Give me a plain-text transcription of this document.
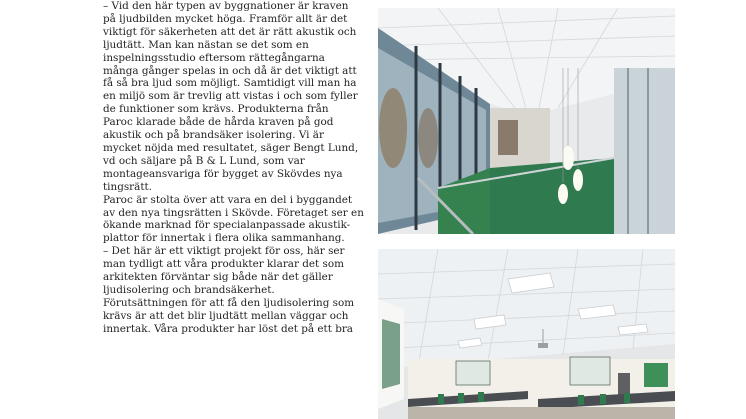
– Vid den här typen av byggnationer är kraven
på ljudbilden mycket höga. Framför allt är det
viktigt för säkerheten att det är rätt akustik och
ljudtätt. Man kan nästan se det som en
inspelningsstudio eftersom rättegångarna
många gånger spelas in och då är det viktigt att
få så bra ljud som möjligt. Samtidigt vill man ha
en miljö som är trevlig att vistas i och som fyller
de funktioner som krävs. Produkterna från
Paroc klarade både de hårda kraven på god
akustik och på brandsäker isolering. Vi är
mycket nöjda med resultatet, säger Bengt Lund,
vd och säljare på B & L Lund, som var
montageansvariga för bygget av Skövdes nya
tingsrätt.

Paroc är stolta över att vara en del i byggandet
av den nya tingsrätten i Skövde. Företaget ser en
ökande marknad för specialanpassade akustik-
plattor för innertak i flera olika sammanhang.

– Det här är ett viktigt projekt för oss, här ser
man tydligt att våra produkter klarar det som
arkitekten förväntar sig både när det gäller
ljudisolering och brandsäkerhet.
Förutsättningen för att få den ljudisolering som
krävs är att det blir ljudtätt mellan väggar och
innertak. Våra produkter har löst det på ett bra
